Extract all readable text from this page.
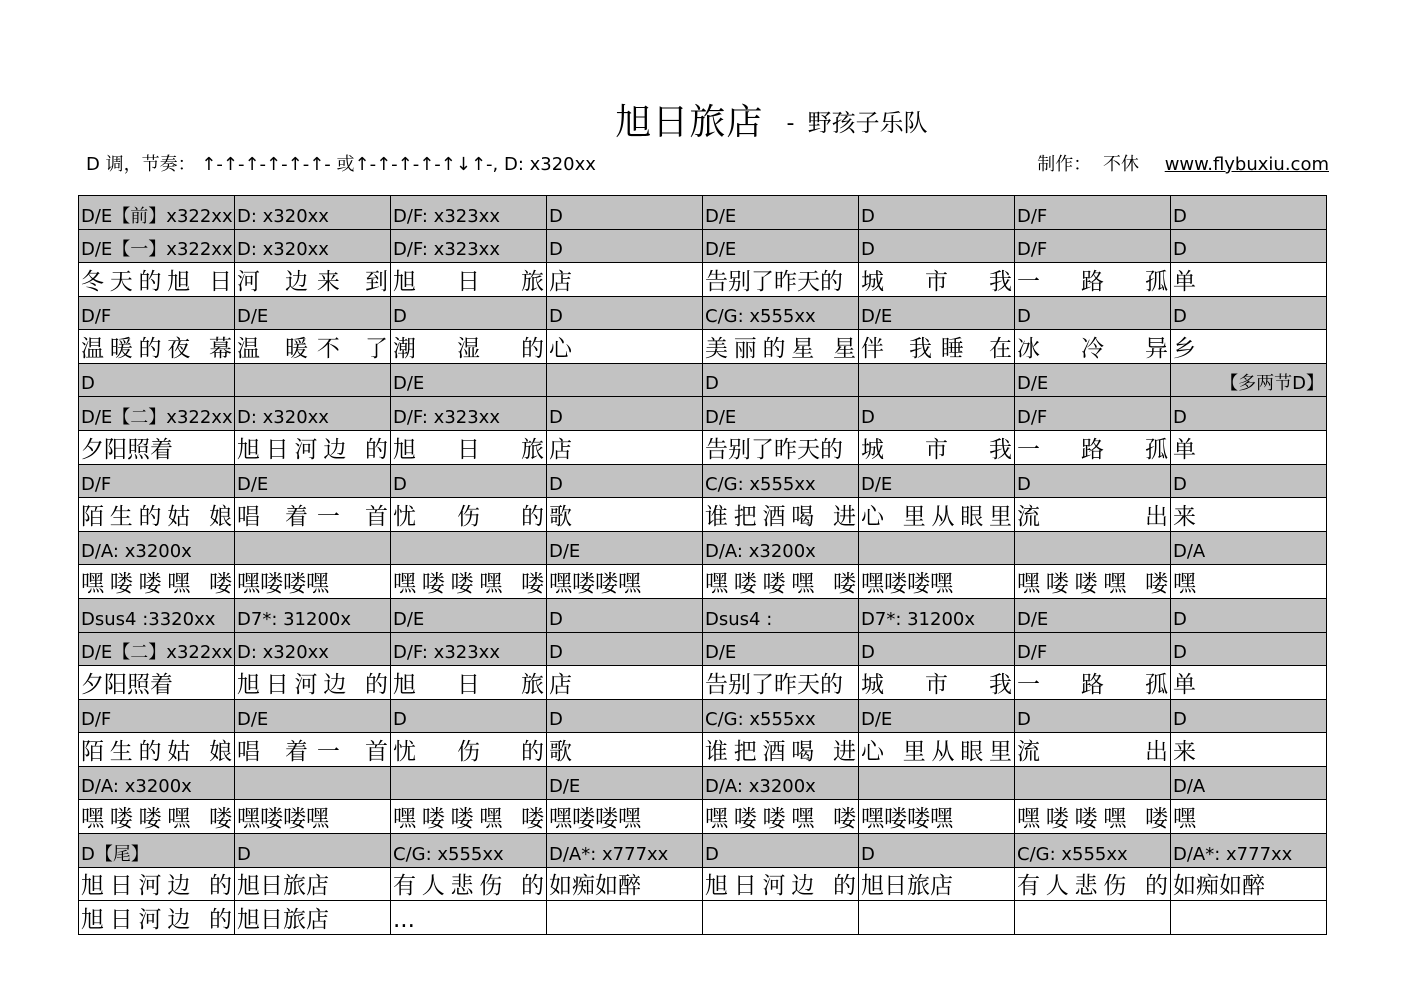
旭日旅店 - 野孩子乐队
D 调，节奏： ↑-↑-↑-↑-↑-↑- 或↑-↑-↑-↑-↑↓↑-, D: x320xx	制作： 不休 www.flybuxiu.com
D/E【前】x322xx	D: x320xx	D/F: x323xx	D	D/E	D	D/F	D
D/E【一】x322xx	D: x320xx	D/F: x323xx	D	D/E	D	D/F	D
冬天的旭 日	河 边来 到	旭 日 旅	店	告别了昨天的	城 市 我	一 路 孤	单
D/F	D/E	D	D	C/G: x555xx	D/E	D	D
温暖的夜 幕	温 暖不 了	潮 湿 的	心	美丽的星 星	伴 我睡 在	冰 冷 异	乡
D		D/E		D		D/E	【多两节D】
D/E【二】x322xx	D: x320xx	D/F: x323xx	D	D/E	D	D/F	D
夕阳照着	旭日河边 的	旭 日 旅	店	告别了昨天的	城 市 我	一 路 孤	单
D/F	D/E	D	D	C/G: x555xx	D/E	D	D
陌生的姑 娘	唱 着一 首	忧 伤 的	歌	谁把酒喝 进	心 里从眼里	流 出	来
D/A: x3200x			D/E	D/A: x3200x			D/A
嘿喽喽嘿 喽	嘿喽喽嘿	嘿喽喽嘿 喽	嘿喽喽嘿	嘿喽喽嘿 喽	嘿喽喽嘿	嘿喽喽嘿 喽	嘿
Dsus4 :3320xx	D7*: 31200x	D/E	D	Dsus4 :	D7*: 31200x	D/E	D
D/E【二】x322xx	D: x320xx	D/F: x323xx	D	D/E	D	D/F	D
夕阳照着	旭日河边 的	旭 日 旅	店	告别了昨天的	城 市 我	一 路 孤	单
D/F	D/E	D	D	C/G: x555xx	D/E	D	D
陌生的姑 娘	唱 着一 首	忧 伤 的	歌	谁把酒喝 进	心 里从眼里	流 出	来
D/A: x3200x			D/E	D/A: x3200x			D/A
嘿喽喽嘿 喽	嘿喽喽嘿	嘿喽喽嘿 喽	嘿喽喽嘿	嘿喽喽嘿 喽	嘿喽喽嘿	嘿喽喽嘿 喽	嘿
D【尾】	D	C/G: x555xx	D/A*: x777xx	D	D	C/G: x555xx	D/A*: x777xx
旭日河边 的	旭日旅店	有人悲伤 的	如痴如醉	旭日河边 的	旭日旅店	有人悲伤 的	如痴如醉
旭日河边 的	旭日旅店	...					
